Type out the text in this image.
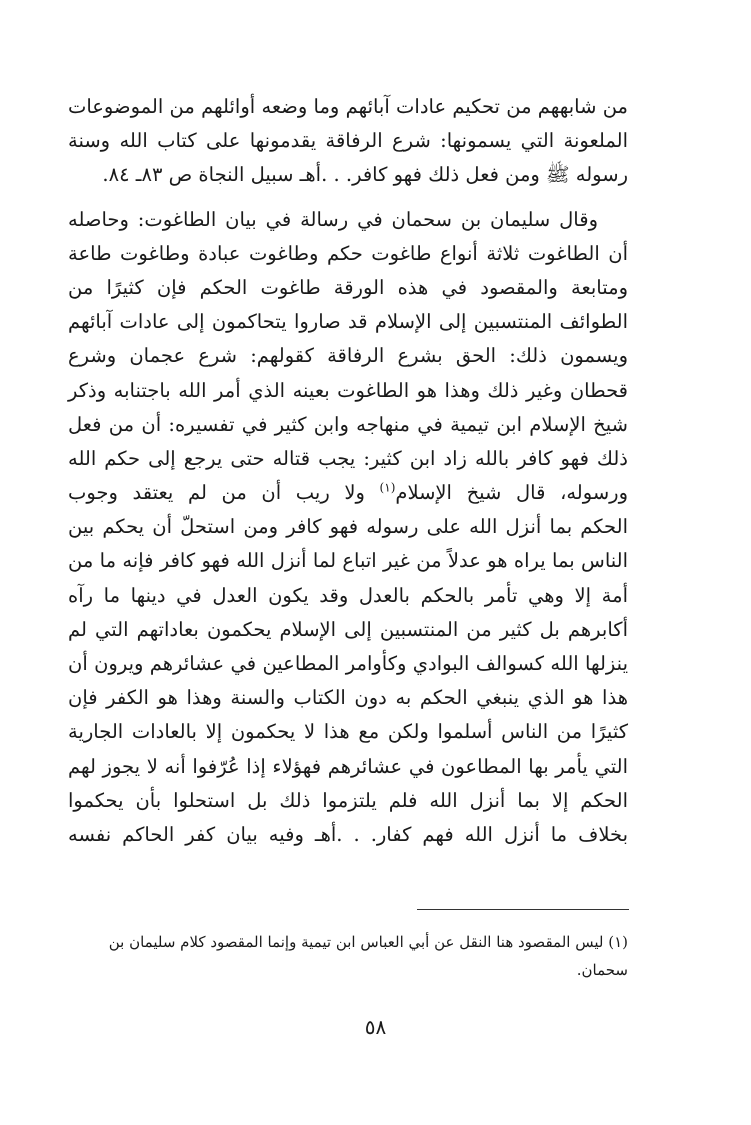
من شابههم من تحكيم عادات آبائهم وما وضعه أوائلهم من الموضوعات
الملعونة التي يسمونها: شرع الرفاقة يقدمونها على كتاب الله وسنة
رسوله ﷺ ومن فعل ذلك فهو كافر. . .أهـ سبيل النجاة ص ٨٣ـ ٨٤.
وقال سليمان بن سحمان في رسالة في بيان الطاغوت: وحاصله
أن الطاغوت ثلاثة أنواع طاغوت حكم وطاغوت عبادة وطاغوت طاعة
ومتابعة والمقصود في هذه الورقة طاغوت الحكم فإن كثيرًا من
الطوائف المنتسبين إلى الإسلام قد صاروا يتحاكمون إلى عادات آبائهم
ويسمون ذلك: الحق بشرع الرفاقة كقولهم: شرع عجمان وشرع
قحطان وغير ذلك وهذا هو الطاغوت بعينه الذي أمر الله باجتنابه وذكر
شيخ الإسلام ابن تيمية في منهاجه وابن كثير في تفسيره: أن من فعل
ذلك فهو كافر بالله زاد ابن كثير: يجب قتاله حتى يرجع إلى حكم الله
ورسوله، قال شيخ الإسلام$^{(١)}$ ولا ريب أن من لم يعتقد وجوب
الحكم بما أنزل الله على رسوله فهو كافر ومن استحلّ أن يحكم بين
الناس بما يراه هو عدلاً من غير اتباع لما أنزل الله فهو كافر فإنه ما من
أمة إلا وهي تأمر بالحكم بالعدل وقد يكون العدل في دينها ما رآه
أكابرهم بل كثير من المنتسبين إلى الإسلام يحكمون بعاداتهم التي لم
ينزلها الله كسوالف البوادي وكأوامر المطاعين في عشائرهم ويرون أن
هذا هو الذي ينبغي الحكم به دون الكتاب والسنة وهذا هو الكفر فإن
كثيرًا من الناس أسلموا ولكن مع هذا لا يحكمون إلا بالعادات الجارية
التي يأمر بها المطاعون في عشائرهم فهؤلاء إذا عُرّفوا أنه لا يجوز لهم
الحكم إلا بما أنزل الله فلم يلتزموا ذلك بل استحلوا بأن يحكموا
بخلاف ما أنزل الله فهم كفار. . .أهـ وفيه بيان كفر الحاكم نفسه
(١) ليس المقصود هنا النقل عن أبي العباس ابن تيمية وإنما المقصود كلام سليمان بن سحمان.
٥٨
